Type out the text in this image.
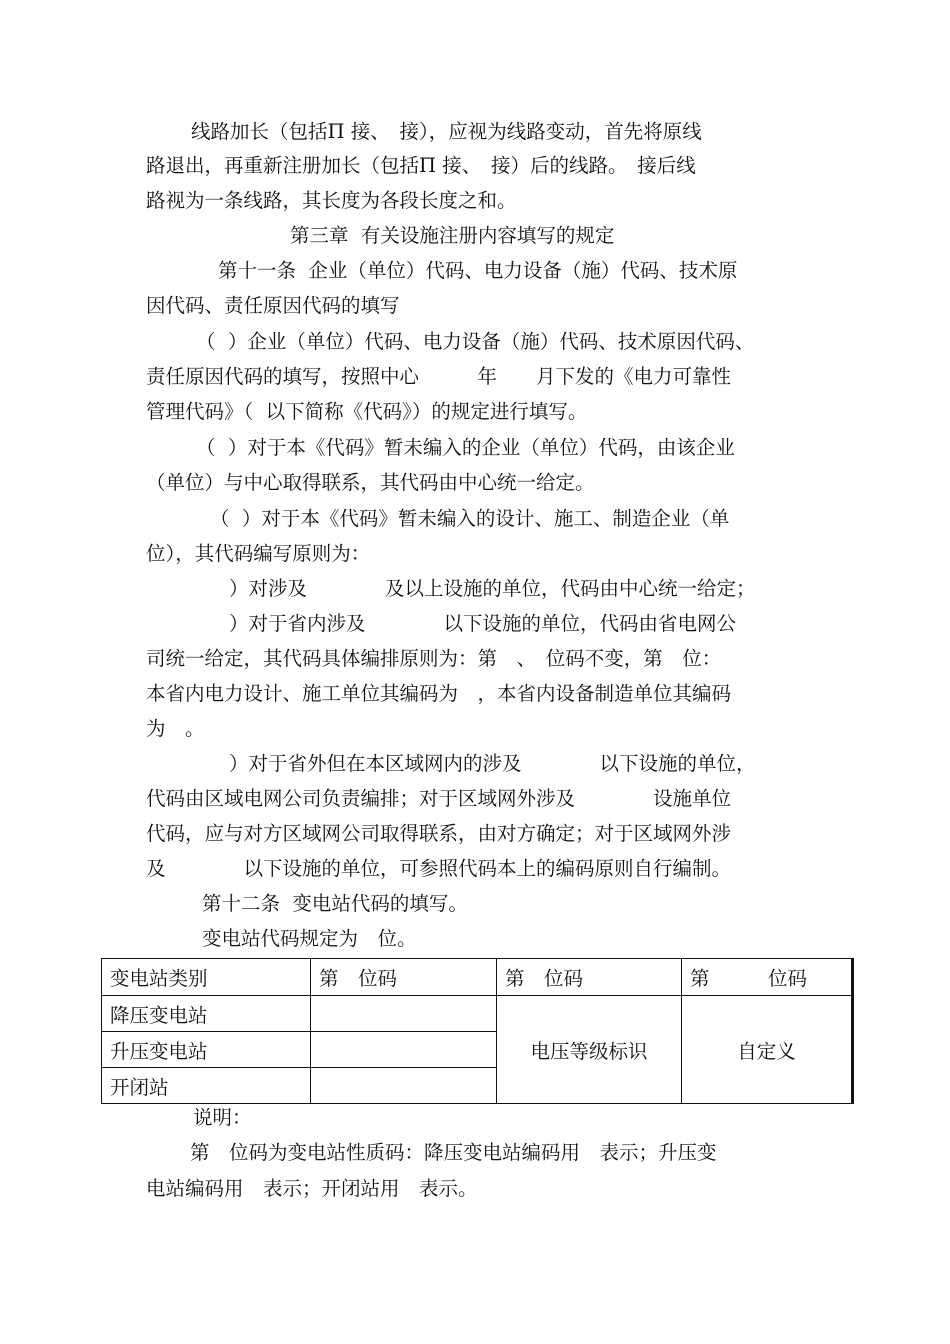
线路加长（包括Π 接、　接），应视为线路变动，首先将原线
路退出，再重新注册加长（包括Π 接、　接）后的线路。　接后线
路视为一条线路，其长度为各段长度之和。
第三章  有关设施注册内容填写的规定
第十一条  企业（单位）代码、电力设备（施）代码、技术原
因代码、责任原因代码的填写
（  ）企业（单位）代码、电力设备（施）代码、技术原因代码、
责任原因代码的填写，按照中心　　　年　　月下发的《电力可靠性
管理代码》（  以下简称《代码》）的规定进行填写。
（  ）对于本《代码》暂未编入的企业（单位）代码，由该企业
（单位）与中心取得联系，其代码由中心统一给定。
（  ）对于本《代码》暂未编入的设计、施工、制造企业（单
位），其代码编写原则为：
）对涉及　　　　及以上设施的单位，代码由中心统一给定；
）对于省内涉及　　　　以下设施的单位，代码由省电网公
司统一给定，其代码具体编排原则为：第　、　位码不变，第　位：
本省内电力设计、施工单位其编码为　，本省内设备制造单位其编码
为　。
）对于省外但在本区域网内的涉及　　　　以下设施的单位，
代码由区域电网公司负责编排；对于区域网外涉及　　　　设施单位
代码，应与对方区域网公司取得联系，由对方确定；对于区域网外涉
及　　　　以下设施的单位，可参照代码本上的编码原则自行编制。
第十二条  变电站代码的填写。
变电站代码规定为　位。
变电站类别	第　位码	第　位码	第　　　位码
降压变电站		电压等级标识	自定义
升压变电站			
开闭站			
说明：
第　位码为变电站性质码：降压变电站编码用　表示；升压变
电站编码用　表示；开闭站用　表示。
